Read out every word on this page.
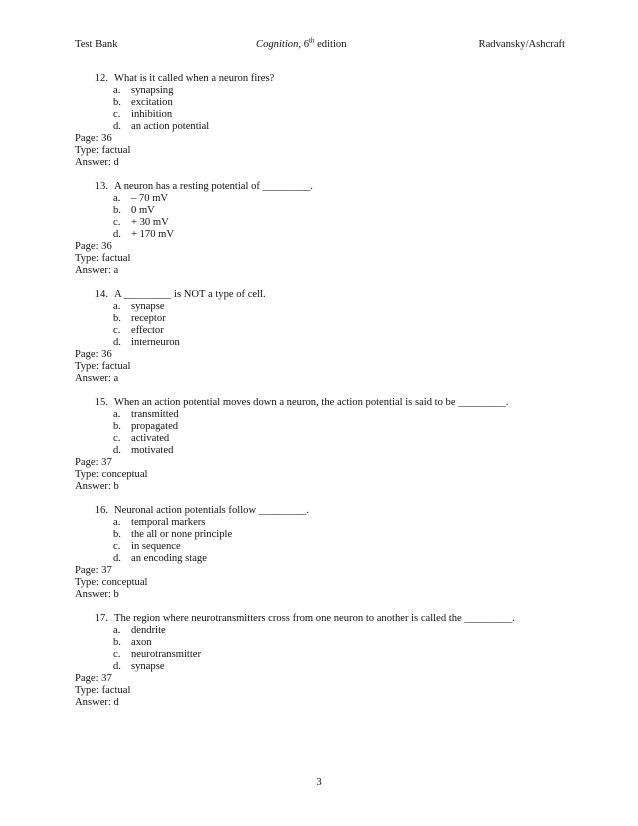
Test Bank	Cognition, 6th edition	Radvansky/Ashcraft
12. What is it called when a neuron fires?
a.	synapsing
b. excitation
c.	inhibition
d. an action potential
Page: 36
Type: factual
Answer: d
13. A neuron has a resting potential of _________.
a.	– 70 mV
b. 0 mV
c.	+ 30 mV
d. + 170 mV
Page: 36
Type: factual
Answer: a
14. A _________ is NOT a type of cell.
a.	synapse
b. receptor
c.	effector
d. interneuron
Page: 36
Type: factual
Answer: a
15. When an action potential moves down a neuron, the action potential is said to be _________.
a.	transmitted
b. propagated
c.	activated
d. motivated
Page: 37
Type: conceptual
Answer: b
16. Neuronal action potentials follow _________.
a.	temporal markers
b. the all or none principle
c.	in sequence
d. an encoding stage
Page: 37
Type: conceptual
Answer: b
17. The region where neurotransmitters cross from one neuron to another is called the _________.
a.	dendrite
b. axon
c.	neurotransmitter
d. synapse
Page: 37
Type: factual
Answer: d
3
